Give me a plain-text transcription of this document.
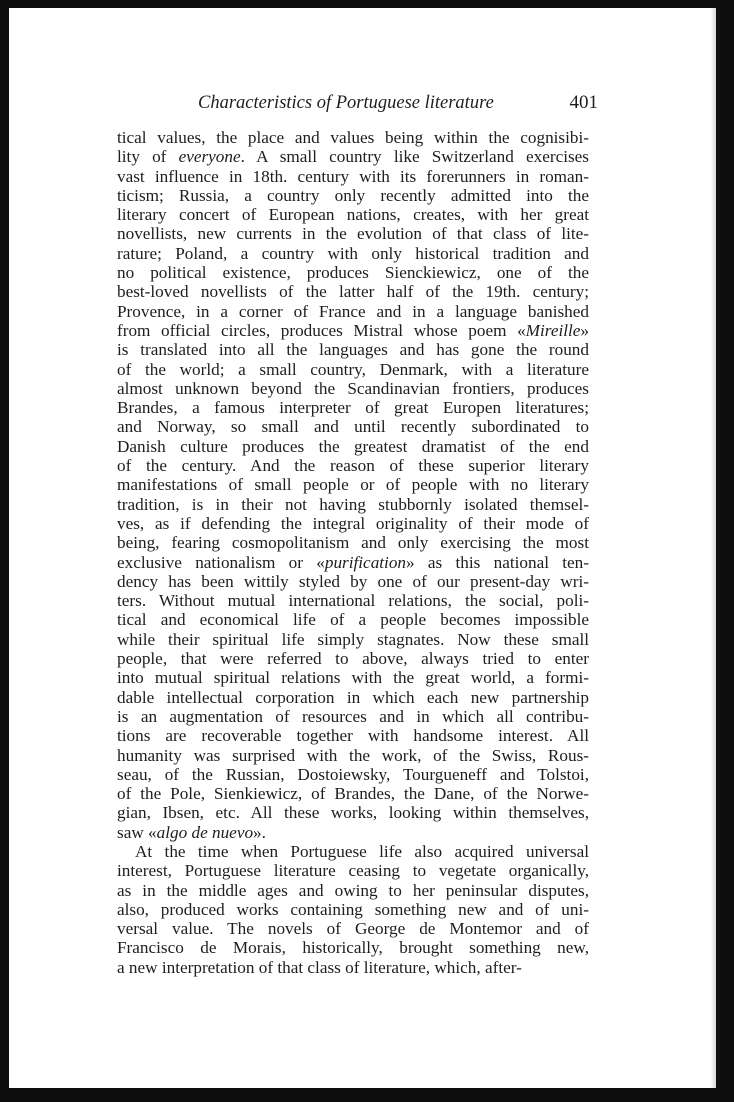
Characteristics of Portuguese literature	401
tical values, the place and values being within the cognisibi-
lity of everyone. A small country like Switzerland exercises
vast influence in 18th. century with its forerunners in roman-
ticism; Russia, a country only recently admitted into the
literary concert of European nations, creates, with her great
novellists, new currents in the evolution of that class of lite-
rature; Poland, a country with only historical tradition and
no political existence, produces Sienckiewicz, one of the
best-loved novellists of the latter half of the 19th. century;
Provence, in a corner of France and in a language banished
from official circles, produces Mistral whose poem «Mireille»
is translated into all the languages and has gone the round
of the world; a small country, Denmark, with a literature
almost unknown beyond the Scandinavian frontiers, produces
Brandes, a famous interpreter of great Europen literatures;
and Norway, so small and until recently subordinated to
Danish culture produces the greatest dramatist of the end
of the century. And the reason of these superior literary
manifestations of small people or of people with no literary
tradition, is in their not having stubbornly isolated themsel-
ves, as if defending the integral originality of their mode of
being, fearing cosmopolitanism and only exercising the most
exclusive nationalism or «purification» as this national ten-
dency has been wittily styled by one of our present-day wri-
ters. Without mutual international relations, the social, poli-
tical and economical life of a people becomes impossible
while their spiritual life simply stagnates. Now these small
people, that were referred to above, always tried to enter
into mutual spiritual relations with the great world, a formi-
dable intellectual corporation in which each new partnership
is an augmentation of resources and in which all contribu-
tions are recoverable together with handsome interest. All
humanity was surprised with the work, of the Swiss, Rous-
seau, of the Russian, Dostoiewsky, Tourgueneff and Tolstoi,
of the Pole, Sienkiewicz, of Brandes, the Dane, of the Norwe-
gian, Ibsen, etc. All these works, looking within themselves,
saw «algo de nuevo».
At the time when Portuguese life also acquired universal
interest, Portuguese literature ceasing to vegetate organically,
as in the middle ages and owing to her peninsular disputes,
also, produced works containing something new and of uni-
versal value. The novels of George de Montemor and of
Francisco de Morais, historically, brought something new,
a new interpretation of that class of literature, which, after-
